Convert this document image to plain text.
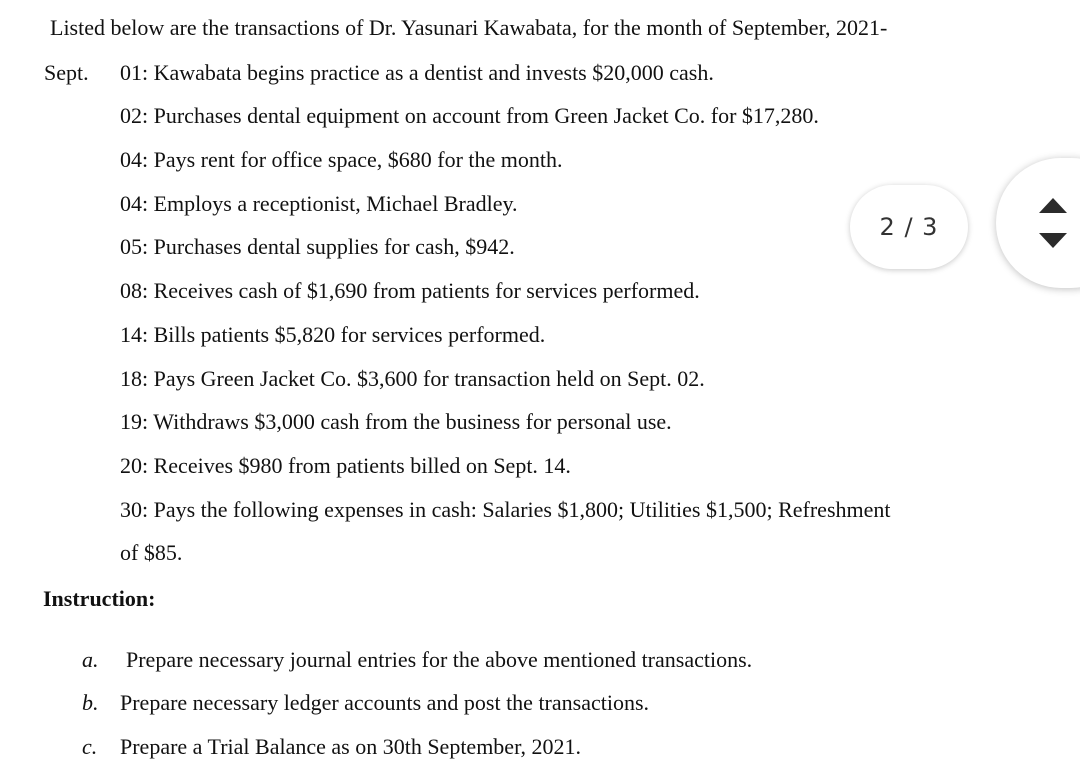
Listed below are the transactions of Dr. Yasunari Kawabata, for the month of September, 2021-
Sept. 01: Kawabata begins practice as a dentist and invests $20,000 cash.
02: Purchases dental equipment on account from Green Jacket Co. for $17,280.
04: Pays rent for office space, $680 for the month.
04: Employs a receptionist, Michael Bradley.
05: Purchases dental supplies for cash, $942.
08: Receives cash of $1,690 from patients for services performed.
14: Bills patients $5,820 for services performed.
18: Pays Green Jacket Co. $3,600 for transaction held on Sept. 02.
19: Withdraws $3,000 cash from the business for personal use.
20: Receives $980 from patients billed on Sept. 14.
30: Pays the following expenses in cash: Salaries $1,800; Utilities $1,500; Refreshment
of $85.
Instruction:
a. Prepare necessary journal entries for the above mentioned transactions.
b. Prepare necessary ledger accounts and post the transactions.
c. Prepare a Trial Balance as on 30th September, 2021.
2 / 3
